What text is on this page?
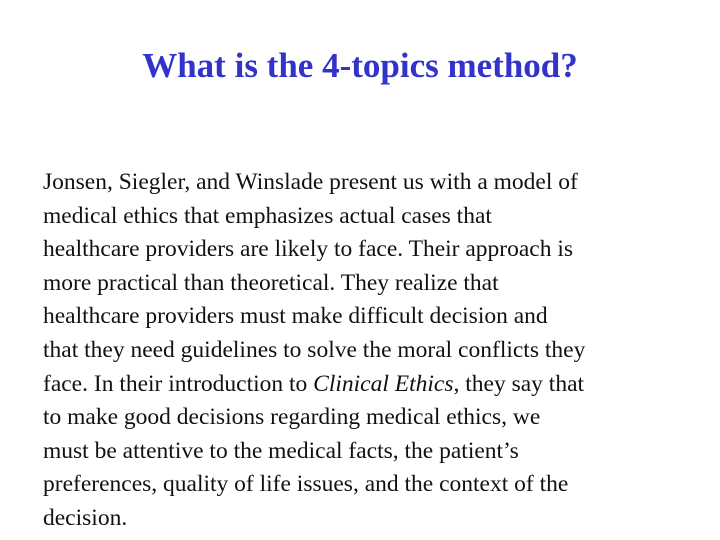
What is the 4-topics method?
Jonsen, Siegler, and Winslade present us with a model of
medical ethics that emphasizes actual cases that
healthcare providers are likely to face. Their approach is
more practical than theoretical. They realize that
healthcare providers must make difficult decision and
that they need guidelines to solve the moral conflicts they
face. In their introduction to Clinical Ethics, they say that
to make good decisions regarding medical ethics, we
must be attentive to the medical facts, the patient’s
preferences, quality of life issues, and the context of the
decision.
